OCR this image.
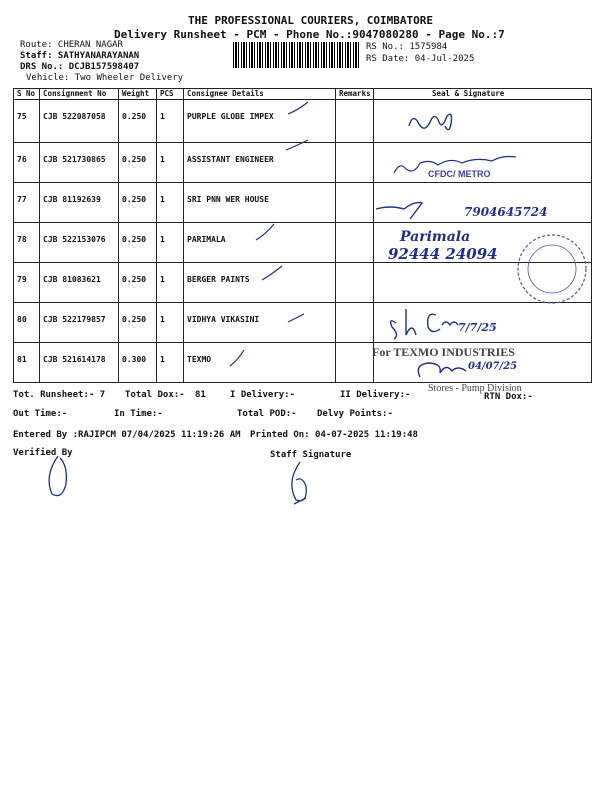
THE PROFESSIONAL COURIERS, COIMBATORE
Delivery Runsheet - PCM - Phone No.:9047080280 - Page No.:7
Route: CHERAN NAGAR
Staff: SATHYANARAYANAN
DRS No.: DCJB157598407
Vehicle: Two Wheeler Delivery
RS No.: 1575984
RS Date: 04-Jul-2025
S No	Consignment No	Weight	PCS	Consignee Details	Remarks	Seal & Signature
75	CJB 522087058	0.250	1	PURPLE GLOBE IMPEX		
76	CJB 521730865	0.250	1	ASSISTANT ENGINEER		CFDC/ METRO

77	CJB 81192639	0.250	1	SRI PNN WER HOUSE		7904645724

78	CJB 522153076	0.250	1	PARIMALA		Parimala
92444 24094

79	CJB 81083621	0.250	1	BERGER PAINTS		
80	CJB 522179857	0.250	1	VIDHYA VIKASINI		7/7/25

81	CJB 521614178	0.300	1	TEXMO		For TEXMO INDUSTRIES
04/07/25
Stores - Pump Division
Tot. Runsheet:- 7 Total Dox:- 81	I Delivery:-	II Delivery:-	RTN Dox:-
Out Time:-	In Time:-	Total POD:- Delvy Points:-
Entered By :RAJIPCM 07/04/2025 11:19:26 AM Printed On: 04-07-2025 11:19:48
Verified By	Staff Signature
